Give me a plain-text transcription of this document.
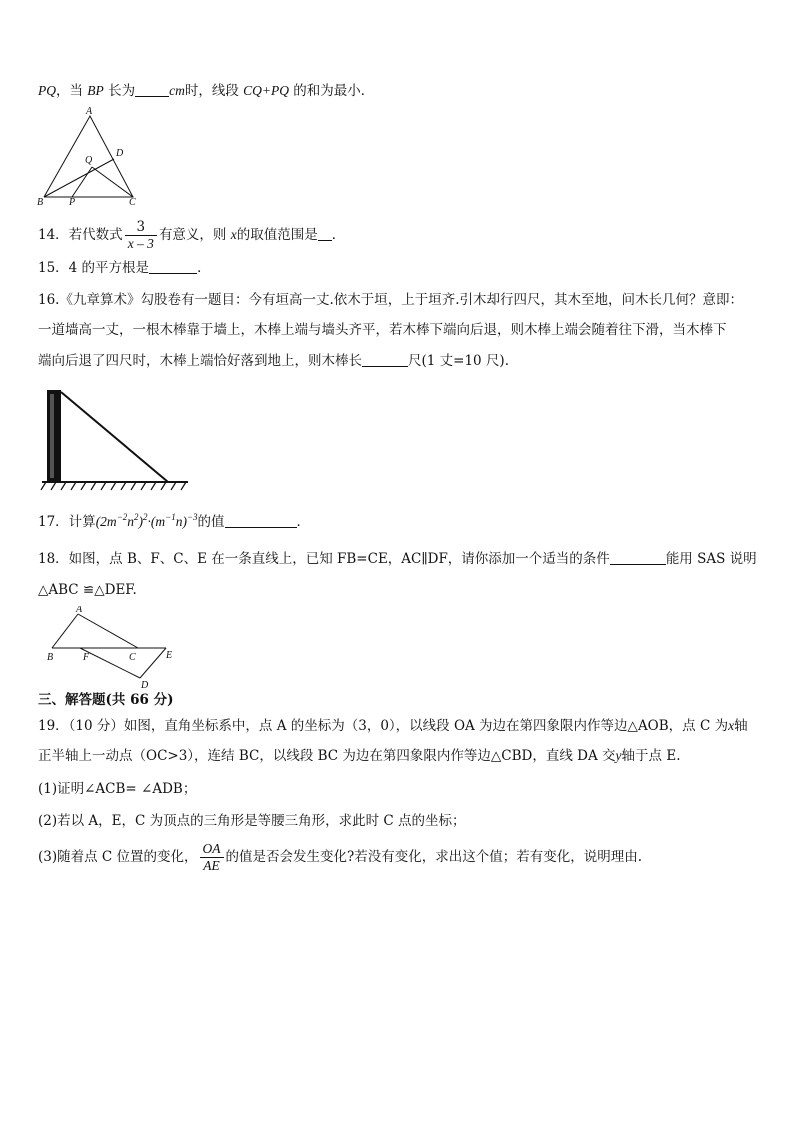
PQ，当 BP 长为	cm时，线段 CQ+PQ 的和为最小．
A
B	C
D
P
Q
14．若代数式 $\frac{3}{x - 3}$ 有意义，则 x的取值范围是 ．
15．4 的平方根是	．
16.《九章算术》勾股卷有一题目：今有垣高一丈.依木于垣，上于垣齐.引木却行四尺，其木至地，问木长几何？意即：
一道墙高一丈，一根木棒靠于墙上，木棒上端与墙头齐平，若木棒下端向后退，则木棒上端会随着往下滑，当木棒下
端向后退了四尺时，木棒上端恰好落到地上，则木棒长	尺(1 丈=10 尺).
17．计算$(2m^{-2}n^2)^2\cdot(m^{-1}n)^{-3}$的值	．
18．如图，点 B、F、C、E 在一条直线上，已知 FB=CE，AC∥DF，请你添加一个适当的条件	能用 SAS 说明
△ABC ≌△DEF.
A
B	F	C	E
D
三、解答题(共 66 分)
19．（10 分）如图，直角坐标系中，点 A 的坐标为（3，0），以线段 OA 为边在第四象限内作等边△AOB，点 C 为x轴
正半轴上一动点（OC>3），连结 BC，以线段 BC 为边在第四象限内作等边△CBD，直线 DA 交y轴于点 E.
(1)证明∠ACB= ∠ADB；
(2)若以 A，E，C 为顶点的三角形是等腰三角形，求此时 C 点的坐标；
(3)随着点 C 位置的变化， $\frac{OA}{AE}$ 的值是否会发生变化?若没有变化，求出这个值；若有变化，说明理由.
